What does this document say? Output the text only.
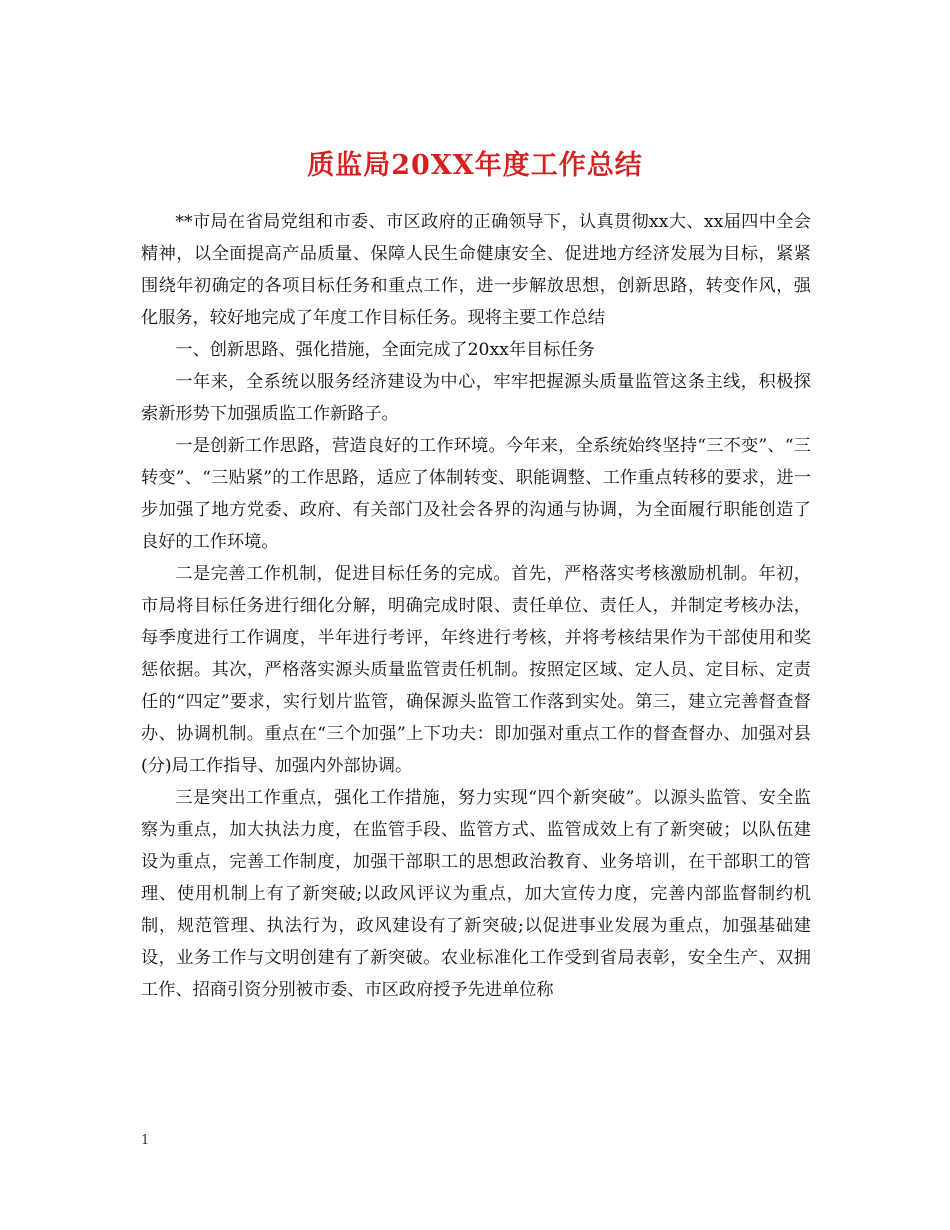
质监局20XX年度工作总结

**市局在省局党组和市委、市区政府的正确领导下，认真贯彻xx大、xx届四中全会精神，以全面提高产品质量、保障人民生命健康安全、促进地方经济发展为目标，紧紧围绕年初确定的各项目标任务和重点工作，进一步解放思想，创新思路，转变作风，强化服务，较好地完成了年度工作目标任务。现将主要工作总结

一、创新思路、强化措施，全面完成了20xx年目标任务

一年来，全系统以服务经济建设为中心，牢牢把握源头质量监管这条主线，积极探索新形势下加强质监工作新路子。

一是创新工作思路，营造良好的工作环境。今年来，全系统始终坚持“三不变”、“三转变”、“三贴紧”的工作思路，适应了体制转变、职能调整、工作重点转移的要求，进一步加强了地方党委、政府、有关部门及社会各界的沟通与协调，为全面履行职能创造了良好的工作环境。

二是完善工作机制，促进目标任务的完成。首先，严格落实考核激励机制。年初，市局将目标任务进行细化分解，明确完成时限、责任单位、责任人，并制定考核办法，每季度进行工作调度，半年进行考评，年终进行考核，并将考核结果作为干部使用和奖惩依据。其次，严格落实源头质量监管责任机制。按照定区域、定人员、定目标、定责任的“四定”要求，实行划片监管，确保源头监管工作落到实处。第三，建立完善督查督办、协调机制。重点在“三个加强”上下功夫：即加强对重点工作的督查督办、加强对县(分)局工作指导、加强内外部协调。

三是突出工作重点，强化工作措施，努力实现“四个新突破”。以源头监管、安全监察为重点，加大执法力度，在监管手段、监管方式、监管成效上有了新突破；以队伍建设为重点，完善工作制度，加强干部职工的思想政治教育、业务培训，在干部职工的管理、使用机制上有了新突破;以政风评议为重点，加大宣传力度，完善内部监督制约机制，规范管理、执法行为，政风建设有了新突破;以促进事业发展为重点，加强基础建设，业务工作与文明创建有了新突破。农业标准化工作受到省局表彰，安全生产、双拥工作、招商引资分别被市委、市区政府授予先进单位称

1
